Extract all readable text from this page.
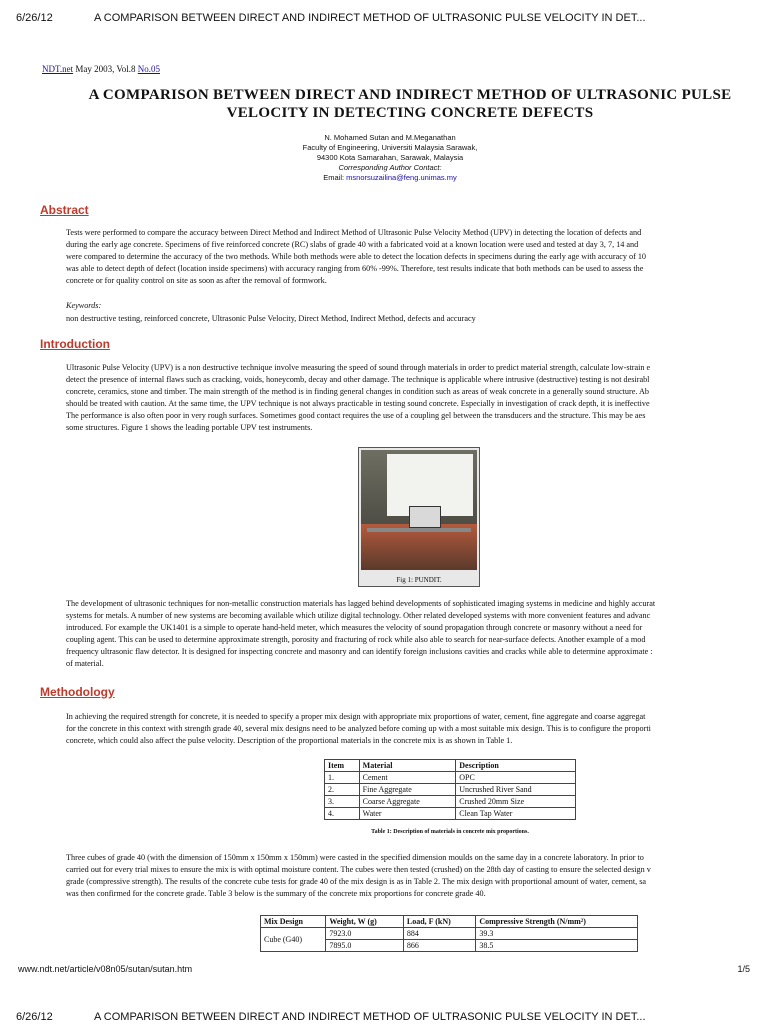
6/26/12	A COMPARISON BETWEEN DIRECT AND INDIRECT METHOD OF ULTRASONIC PULSE VELOCITY IN DET...
NDT.net May 2003, Vol.8 No.05
A COMPARISON BETWEEN DIRECT AND INDIRECT METHOD OF ULTRASONIC PULSE VELOCITY IN DETECTING CONCRETE DEFECTS
N. Mohamed Sutan and M.Meganathan
Faculty of Engineering, Universiti Malaysia Sarawak,
94300 Kota Samarahan, Sarawak, Malaysia
Corresponding Author Contact:
Email: msnorsuzailina@feng.unimas.my
Abstract
Tests were performed to compare the accuracy between Direct Method and Indirect Method of Ultrasonic Pulse Velocity Method (UPV) in detecting the location of defects and
during the early age concrete. Specimens of five reinforced concrete (RC) slabs of grade 40 with a fabricated void at a known location were used and tested at day 3, 7, 14 and
were compared to determine the accuracy of the two methods. While both methods were able to detect the location defects in specimens during the early age with accuracy of 10
was able to detect depth of defect (location inside specimens) with accuracy ranging from 60% -99%. Therefore, test results indicate that both methods can be used to assess the
concrete or for quality control on site as soon as after the removal of formwork.
Keywords:
non destructive testing, reinforced concrete, Ultrasonic Pulse Velocity, Direct Method, Indirect Method, defects and accuracy
Introduction
Ultrasonic Pulse Velocity (UPV) is a non destructive technique involve measuring the speed of sound through materials in order to predict material strength, calculate low-strain e
detect the presence of internal flaws such as cracking, voids, honeycomb, decay and other damage. The technique is applicable where intrusive (destructive) testing is not desirabl
concrete, ceramics, stone and timber. The main strength of the method is in finding general changes in condition such as areas of weak concrete in a generally sound structure. Ab
should be treated with caution. At the same time, the UPV technique is not always practicable in testing sound concrete. Especially in investigation of crack depth, it is ineffective
The performance is also often poor in very rough surfaces. Sometimes good contact requires the use of a coupling gel between the transducers and the structure. This may be aes
some structures. Figure 1 shows the leading portable UPV test instruments.
Fig 1: PUNDIT.
The development of ultrasonic techniques for non-metallic construction materials has lagged behind developments of sophisticated imaging systems in medicine and highly accurat
systems for metals. A number of new systems are becoming available which utilize digital technology. Other related developed systems with more convenient features and advanc
introduced. For example the UK1401 is a simple to operate hand-held meter, which measures the velocity of sound propagation through concrete or masonry without a need for
coupling agent. This can be used to determine approximate strength, porosity and fracturing of rock while also able to search for near-surface defects. Another example of a mod
frequency ultrasonic flaw detector. It is designed for inspecting concrete and masonry and can identify foreign inclusions cavities and cracks while able to determine approximate :
of material.
Methodology
In achieving the required strength for concrete, it is needed to specify a proper mix design with appropriate mix proportions of water, cement, fine aggregate and coarse aggregat
for the concrete in this context with strength grade 40, several mix designs need to be analyzed before coming up with a most suitable mix design. This is to configure the proporti
concrete, which could also affect the pulse velocity. Description of the proportional materials in the concrete mix is as shown in Table 1.
Item	Material	Description
1.	Cement	OPC
2.	Fine Aggregate	Uncrushed River Sand
3.	Coarse Aggregate	Crushed 20mm Size
4.	Water	Clean Tap Water
Table 1: Description of materials in concrete mix proportions.
Three cubes of grade 40 (with the dimension of 150mm x 150mm x 150mm) were casted in the specified dimension moulds on the same day in a concrete laboratory. In prior to
carried out for every trial mixes to ensure the mix is with optimal moisture content. The cubes were then tested (crushed) on the 28th day of casting to ensure the selected design v
grade (compressive strength). The results of the concrete cube tests for grade 40 of the mix design is as in Table 2. The mix design with proportional amount of water, cement, sa
was then confirmed for the concrete grade. Table 3 below is the summary of the concrete mix proportions for concrete grade 40.
Mix Design	Weight, W (g)	Load, F (kN)	Compressive Strength (N/mm²)
Cube (G40)	7923.0	884	39.3
	7895.0	866	38.5
www.ndt.net/article/v08n05/sutan/sutan.htm	1/5
6/26/12	A COMPARISON BETWEEN DIRECT AND INDIRECT METHOD OF ULTRASONIC PULSE VELOCITY IN DET...
